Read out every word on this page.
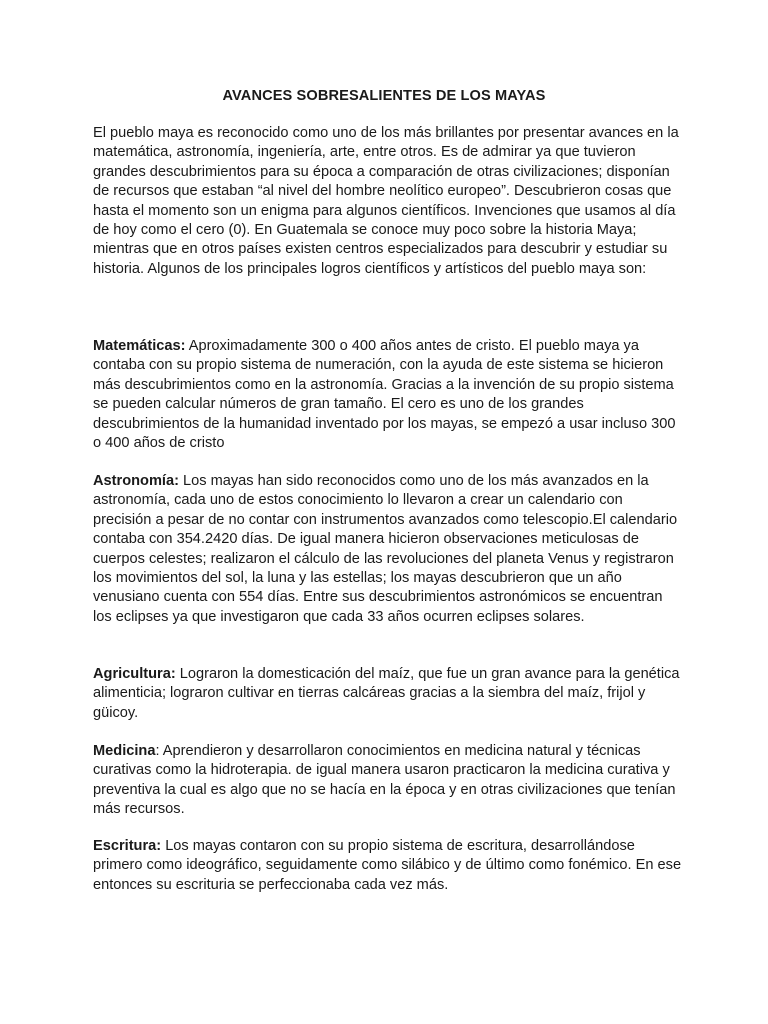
AVANCES SOBRESALIENTES DE LOS MAYAS

El pueblo maya es reconocido como uno de los más brillantes por presentar avances en la matemática, astronomía, ingeniería, arte, entre otros. Es de admirar ya que tuvieron grandes descubrimientos para su época a comparación de otras civilizaciones; disponían de recursos que estaban “al nivel del hombre neolítico europeo”. Descubrieron cosas que hasta el momento son un enigma para algunos científicos. Invenciones que usamos al día de hoy como el cero (0). En Guatemala se conoce muy poco sobre la historia Maya; mientras que en otros países existen centros especializados para descubrir y estudiar su historia. Algunos de los principales logros científicos y artísticos del pueblo maya son:

Matemáticas: Aproximadamente 300 o 400 años antes de cristo. El pueblo maya ya contaba con su propio sistema de numeración, con la ayuda de este sistema se hicieron más descubrimientos como en la astronomía. Gracias a la invención de su propio sistema se pueden calcular números de gran tamaño. El cero es uno de los grandes descubrimientos de la humanidad inventado por los mayas, se empezó a usar incluso 300 o 400 años de cristo

Astronomía: Los mayas han sido reconocidos como uno de los más avanzados en la astronomía, cada uno de estos conocimiento lo llevaron a crear un calendario con precisión a pesar de no contar con instrumentos avanzados como telescopio.El calendario contaba con 354.2420 días. De igual manera hicieron observaciones meticulosas de cuerpos celestes; realizaron el cálculo de las revoluciones del planeta Venus y registraron los movimientos del sol, la luna y las estellas; los mayas descubrieron que un año venusiano cuenta con 554 días. Entre sus descubrimientos astronómicos se encuentran los eclipses ya que investigaron que cada 33 años ocurren eclipses solares.

Agricultura: Lograron la domesticación del maíz, que fue un gran avance para la genética alimenticia; lograron cultivar en tierras calcáreas gracias a la siembra del maíz, frijol y güicoy.

Medicina: Aprendieron y desarrollaron conocimientos en medicina natural y técnicas curativas como la hidroterapia. de igual manera usaron practicaron la medicina curativa y preventiva la cual es algo que no se hacía en la época y en otras civilizaciones que tenían más recursos.

Escritura: Los mayas contaron con su propio sistema de escritura, desarrollándose primero como ideográfico, seguidamente como silábico y de último como fonémico. En ese entonces su escrituria se perfeccionaba cada vez más.
